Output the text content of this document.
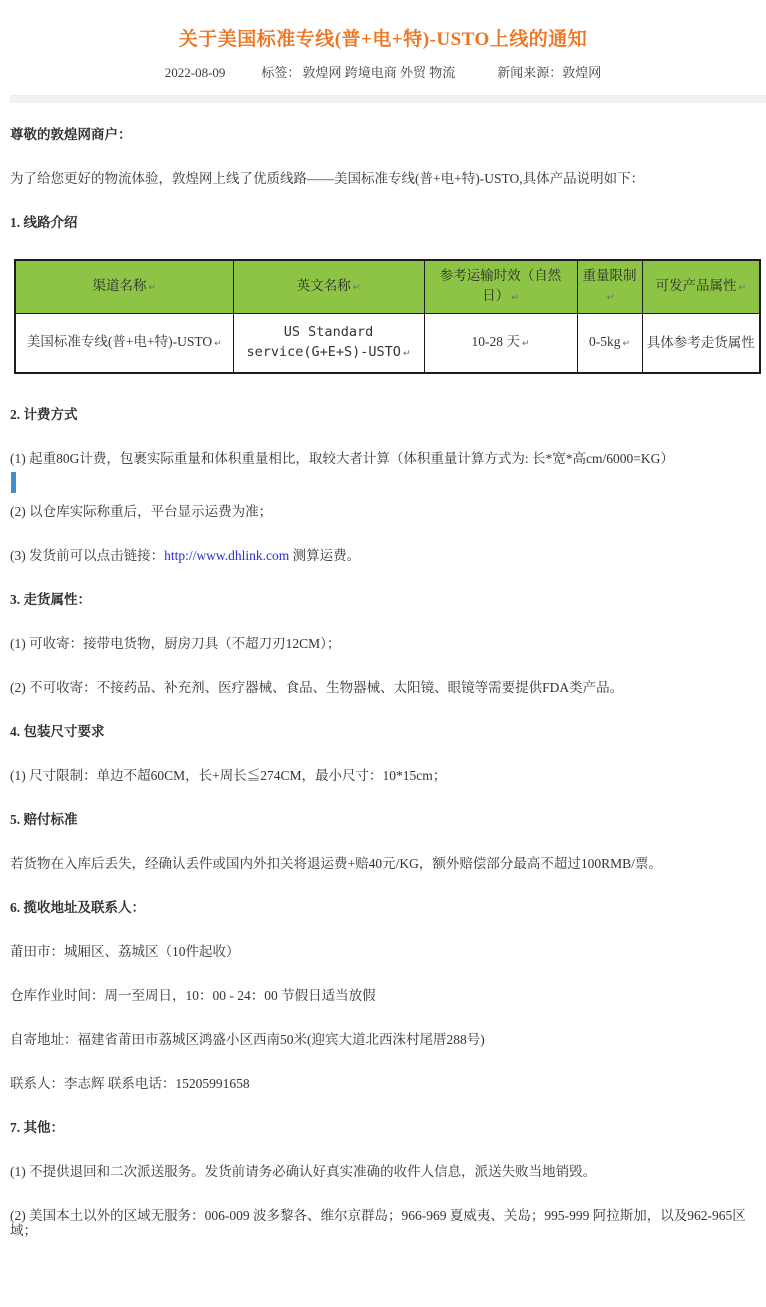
关于美国标准专线(普+电+特)-USTO上线的通知
2022-08-09	标签： 敦煌网 跨境电商 外贸 物流	新闻来源：敦煌网

尊敬的敦煌网商户：

为了给您更好的物流体验，敦煌网上线了优质线路——美国标准专线(普+电+特)-USTO,具体产品说明如下：

1. 线路介绍

渠道名称 ↵	英文名称 ↵	参考运输时效（自然日） ↵	重量限制↵	可发产品属性 ↵
美国标准专线(普+电+特)-USTO ↵	US Standard service(G+E+S)-USTO ↵	10-28 天 ↵	0-5kg ↵	具体参考走货属性

2. 计费方式

(1) 起重80G计费，包裹实际重量和体积重量相比，取较大者计算（体积重量计算方式为: 长*宽*高cm/6000=KG）

(2) 以仓库实际称重后，平台显示运费为准；

(3) 发货前可以点击链接：http://www.dhlink.com 测算运费。

3. 走货属性：

(1) 可收寄：接带电货物，厨房刀具（不超刀刃12CM）；

(2) 不可收寄：不接药品、补充剂、医疗器械、食品、生物器械、太阳镜、眼镜等需要提供FDA类产品。

4. 包装尺寸要求

(1) 尺寸限制：单边不超60CM，长+周长≦274CM，最小尺寸：10*15cm；

5. 赔付标准

若货物在入库后丢失，经确认丢件或国内外扣关将退运费+赔40元/KG，额外赔偿部分最高不超过100RMB/票。

6. 揽收地址及联系人：

莆田市：城厢区、荔城区（10件起收）

仓库作业时间：周一至周日，10：00 - 24：00 节假日适当放假

自寄地址：福建省莆田市荔城区鸿盛小区西南50米(迎宾大道北西洙村尾厝288号)

联系人：李志辉 联系电话：15205991658

7. 其他：

(1) 不提供退回和二次派送服务。发货前请务必确认好真实准确的收件人信息，派送失败当地销毁。

(2) 美国本土以外的区域无服务：006-009 波多黎各、维尔京群岛；966-969 夏威夷、关岛；995-999 阿拉斯加，以及962-965区域；
